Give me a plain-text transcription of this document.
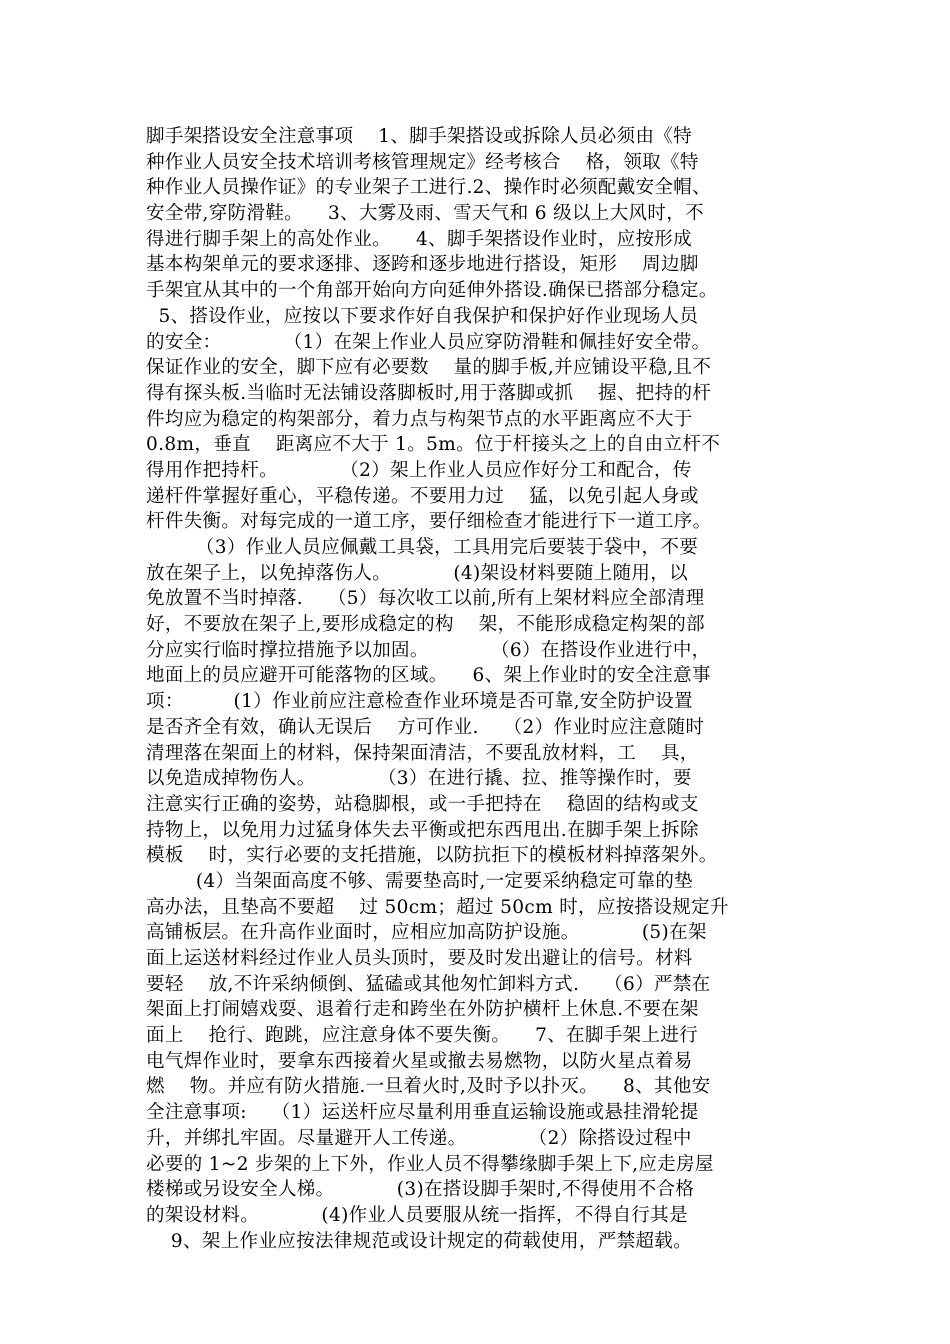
脚手架搭设安全注意事项    1、脚手架搭设或拆除人员必须由《特
种作业人员安全技术培训考核管理规定》经考核合    格，领取《特
种作业人员操作证》的专业架子工进行.2、操作时必须配戴安全帽、
安全带,穿防滑鞋。    3、大雾及雨、雪天气和 6 级以上大风时，不
得进行脚手架上的高处作业。    4、脚手架搭设作业时，应按形成
基本构架单元的要求逐排、逐跨和逐步地进行搭设，矩形    周边脚
手架宜从其中的一个角部开始向方向延伸外搭设.确保已搭部分稳定。
5、搭设作业，应按以下要求作好自我保护和保护好作业现场人员
的安全：          （1）在架上作业人员应穿防滑鞋和佩挂好安全带。
保证作业的安全，脚下应有必要数    量的脚手板,并应铺设平稳,且不
得有探头板.当临时无法铺设落脚板时,用于落脚或抓    握、把持的杆
件均应为稳定的构架部分，着力点与构架节点的水平距离应不大于
0.8m，垂直    距离应不大于 1。5m。位于杆接头之上的自由立杆不
得用作把持杆。          （2）架上作业人员应作好分工和配合，传
递杆件掌握好重心，平稳传递。不要用力过    猛，以免引起人身或
杆件失衡。对每完成的一道工序，要仔细检查才能进行下一道工序。
（3）作业人员应佩戴工具袋，工具用完后要装于袋中，不要
放在架子上，以免掉落伤人。          (4)架设材料要随上随用，以
免放置不当时掉落.    （5）每次收工以前,所有上架材料应全部清理
好，不要放在架子上,要形成稳定的构    架，不能形成稳定构架的部
分应实行临时撑拉措施予以加固。          （6）在搭设作业进行中，
地面上的员应避开可能落物的区域。    6、架上作业时的安全注意事
项：        (1）作业前应注意检查作业环境是否可靠,安全防护设置
是否齐全有效，确认无误后    方可作业.    （2）作业时应注意随时
清理落在架面上的材料，保持架面清洁，不要乱放材料，工    具，
以免造成掉物伤人。          （3）在进行撬、拉、推等操作时，要
注意实行正确的姿势，站稳脚根，或一手把持在    稳固的结构或支
持物上，以免用力过猛身体失去平衡或把东西甩出.在脚手架上拆除
模板    时，实行必要的支托措施，以防抗拒下的模板材料掉落架外。
(4）当架面高度不够、需要垫高时,一定要采纳稳定可靠的垫
高办法，且垫高不要超    过 50cm；超过 50cm 时，应按搭设规定升
高铺板层。在升高作业面时，应相应加高防护设施。          (5)在架
面上运送材料经过作业人员头顶时，要及时发出避让的信号。材料
要轻    放,不许采纳倾倒、猛磕或其他匆忙卸料方式.    （6）严禁在
架面上打闹嬉戏耍、退着行走和跨坐在外防护横杆上休息.不要在架
面上    抢行、跑跳，应注意身体不要失衡。    7、在脚手架上进行
电气焊作业时，要拿东西接着火星或撤去易燃物，以防火星点着易
燃    物。并应有防火措施.一旦着火时,及时予以扑灭。    8、其他安
全注意事项:    （1）运送杆应尽量利用垂直运输设施或悬挂滑轮提
升，并绑扎牢固。尽量避开人工传递。          （2）除搭设过程中
必要的 1~2 步架的上下外，作业人员不得攀缘脚手架上下,应走房屋
楼梯或另设安全人梯。          (3)在搭设脚手架时,不得使用不合格
的架设材料。          (4)作业人员要服从统一指挥，不得自行其是
9、架上作业应按法律规范或设计规定的荷载使用，严禁超载。
